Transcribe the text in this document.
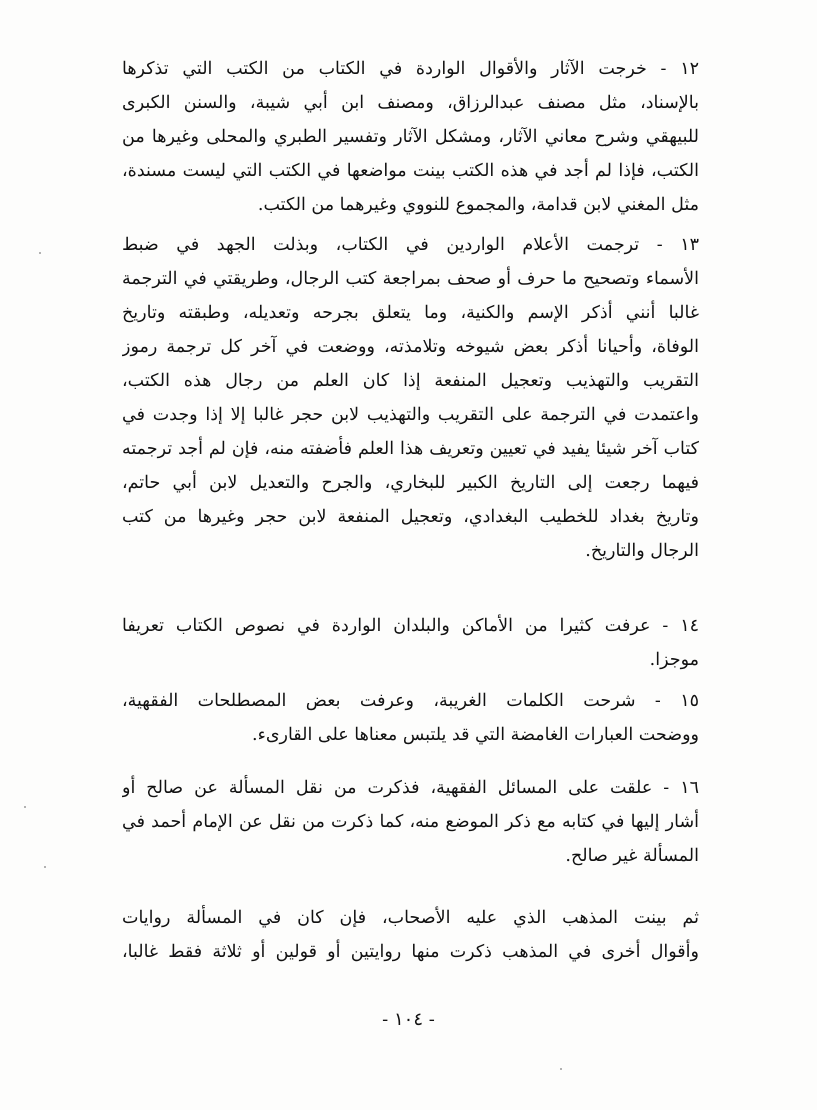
١٢ - خرجت الآثار والأقوال الواردة في الكتاب من الكتب التي تذكرها
بالإسناد، مثل مصنف عبدالرزاق، ومصنف ابن أبي شيبة، والسنن الكبرى
للبيهقي وشرح معاني الآثار، ومشكل الآثار وتفسير الطبري والمحلى وغيرها من
الكتب، فإذا لم أجد في هذه الكتب بينت مواضعها في الكتب التي ليست مسندة،
مثل المغني لابن قدامة، والمجموع للنووي وغيرهما من الكتب.
١٣ - ترجمت الأعلام الواردين في الكتاب، وبذلت الجهد في ضبط
الأسماء وتصحيح ما حرف أو صحف بمراجعة كتب الرجال، وطريقتي في الترجمة
غالبا أنني أذكر الإسم والكنية، وما يتعلق بجرحه وتعديله، وطبقته وتاريخ
الوفاة، وأحيانا أذكر بعض شيوخه وتلامذته، ووضعت في آخر كل ترجمة رموز
التقريب والتهذيب وتعجيل المنفعة إذا كان العلم من رجال هذه الكتب،
واعتمدت في الترجمة على التقريب والتهذيب لابن حجر غالبا إلا إذا وجدت في
كتاب آخر شيئا يفيد في تعيين وتعريف هذا العلم فأضفته منه، فإن لم أجد ترجمته
فيهما رجعت إلى التاريخ الكبير للبخاري، والجرح والتعديل لابن أبي حاتم،
وتاريخ بغداد للخطيب البغدادي، وتعجيل المنفعة لابن حجر وغيرها من كتب
الرجال والتاريخ.
١٤ - عرفت كثيرا من الأماكن والبلدان الواردة في نصوص الكتاب تعريفا
موجزا.
١٥ - شرحت الكلمات الغريبة، وعرفت بعض المصطلحات الفقهية،
ووضحت العبارات الغامضة التي قد يلتبس معناها على القارىء.
١٦ - علقت على المسائل الفقهية، فذكرت من نقل المسألة عن صالح أو
أشار إليها في كتابه مع ذكر الموضع منه، كما ذكرت من نقل عن الإمام أحمد في
المسألة غير صالح.
ثم بينت المذهب الذي عليه الأصحاب، فإن كان في المسألة روايات
وأقوال أخرى في المذهب ذكرت منها روايتين أو قولين أو ثلاثة فقط غالبا،
- ١٠٤ -
